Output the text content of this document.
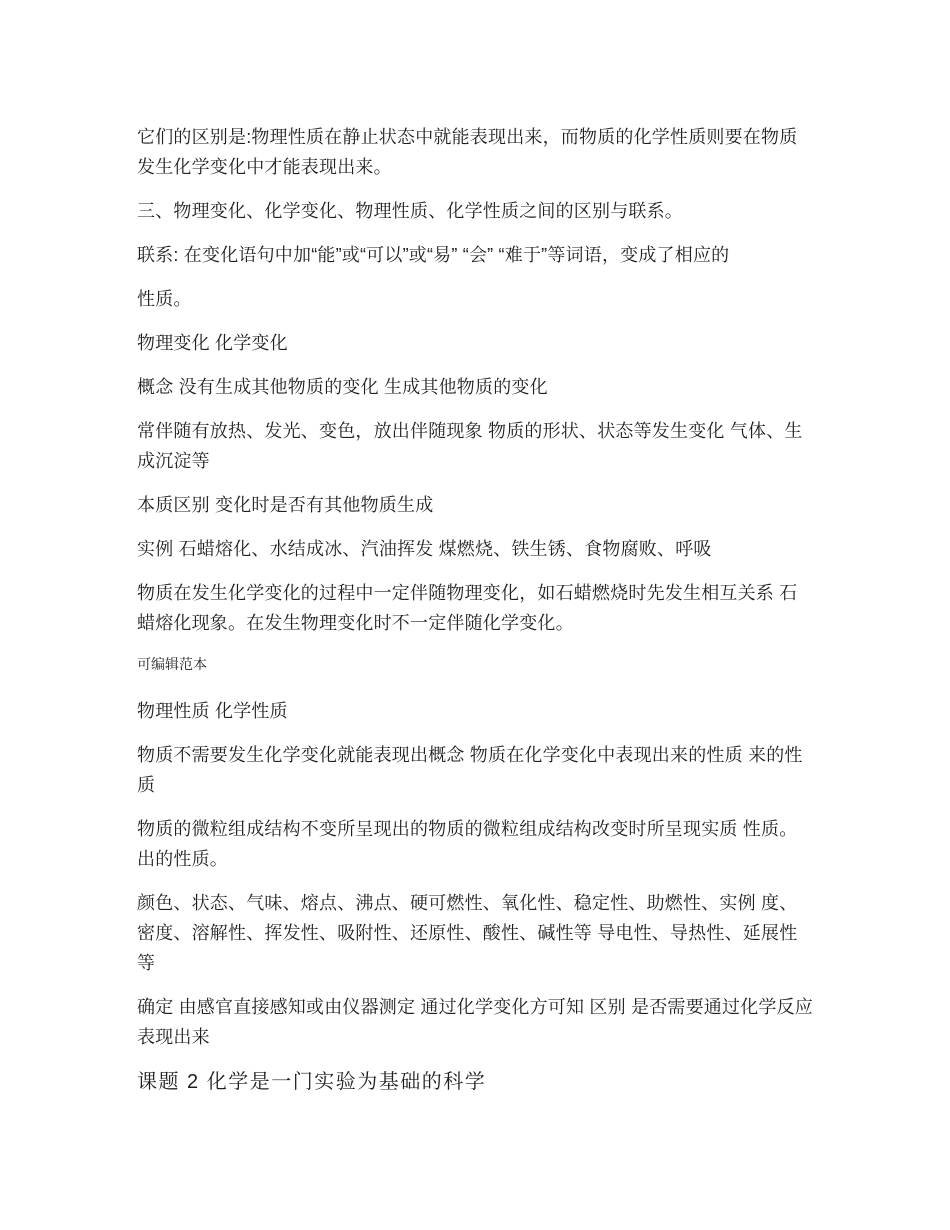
它们的区别是:物理性质在静止状态中就能表现出来，而物质的化学性质则要在物质发生化学变化中才能表现出来。

三、物理变化、化学变化、物理性质、化学性质之间的区别与联系。

联系: 在变化语句中加“能”或“可以”或“易” “会” “难于”等词语，变成了相应的

性质。

物理变化 化学变化

概念 没有生成其他物质的变化 生成其他物质的变化

常伴随有放热、发光、变色，放出伴随现象 物质的形状、状态等发生变化 气体、生成沉淀等

本质区别 变化时是否有其他物质生成

实例 石蜡熔化、水结成冰、汽油挥发 煤燃烧、铁生锈、食物腐败、呼吸

物质在发生化学变化的过程中一定伴随物理变化，如石蜡燃烧时先发生相互关系 石蜡熔化现象。在发生物理变化时不一定伴随化学变化。

可编辑范本

物理性质 化学性质

物质不需要发生化学变化就能表现出概念 物质在化学变化中表现出来的性质 来的性质

物质的微粒组成结构不变所呈现出的物质的微粒组成结构改变时所呈现实质 性质。出的性质。

颜色、状态、气味、熔点、沸点、硬可燃性、氧化性、稳定性、助燃性、实例 度、密度、溶解性、挥发性、吸附性、还原性、酸性、碱性等 导电性、导热性、延展性等

确定 由感官直接感知或由仪器测定 通过化学变化方可知 区别 是否需要通过化学反应表现出来

课题 2 化学是一门实验为基础的科学
